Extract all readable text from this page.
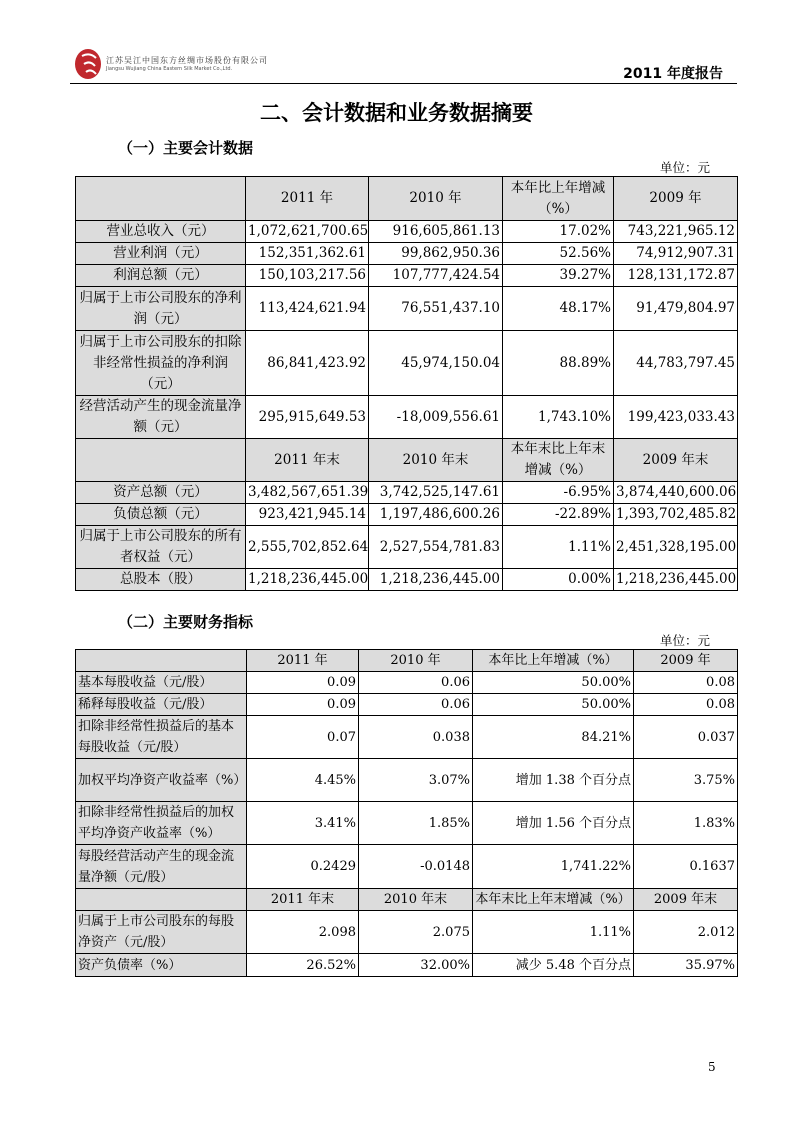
江苏吴江中国东方丝绸市场股份有限公司
Jiangsu Wujiang China Eastern Silk Market Co.,Ltd.	2011 年度报告
二、会计数据和业务数据摘要
（一）主要会计数据
单位：元
	2011 年	2010 年	本年比上年增减（%）	2009 年
营业总收入（元）	1,072,621,700.65	916,605,861.13	17.02%	743,221,965.12
营业利润（元）	152,351,362.61	99,862,950.36	52.56%	74,912,907.31
利润总额（元）	150,103,217.56	107,777,424.54	39.27%	128,131,172.87
归属于上市公司股东的净利润（元）	113,424,621.94	76,551,437.10	48.17%	91,479,804.97
归属于上市公司股东的扣除非经常性损益的净利润（元）	86,841,423.92	45,974,150.04	88.89%	44,783,797.45
经营活动产生的现金流量净额（元）	295,915,649.53	-18,009,556.61	1,743.10%	199,423,033.43
	2011 年末	2010 年末	本年末比上年末增减（%）	2009 年末
资产总额（元）	3,482,567,651.39	3,742,525,147.61	-6.95%	3,874,440,600.06
负债总额（元）	923,421,945.14	1,197,486,600.26	-22.89%	1,393,702,485.82
归属于上市公司股东的所有者权益（元）	2,555,702,852.64	2,527,554,781.83	1.11%	2,451,328,195.00
总股本（股）	1,218,236,445.00	1,218,236,445.00	0.00%	1,218,236,445.00
（二）主要财务指标
单位：元
	2011 年	2010 年	本年比上年增减（%）	2009 年
基本每股收益（元/股）	0.09	0.06	50.00%	0.08
稀释每股收益（元/股）	0.09	0.06	50.00%	0.08
扣除非经常性损益后的基本每股收益（元/股）	0.07	0.038	84.21%	0.037
加权平均净资产收益率（%）	4.45%	3.07%	增加 1.38 个百分点	3.75%
扣除非经常性损益后的加权平均净资产收益率（%）	3.41%	1.85%	增加 1.56 个百分点	1.83%
每股经营活动产生的现金流量净额（元/股）	0.2429	-0.0148	1,741.22%	0.1637
	2011 年末	2010 年末	本年末比上年末增减（%）	2009 年末
归属于上市公司股东的每股净资产（元/股）	2.098	2.075	1.11%	2.012
资产负债率（%）	26.52%	32.00%	减少 5.48 个百分点	35.97%
5
